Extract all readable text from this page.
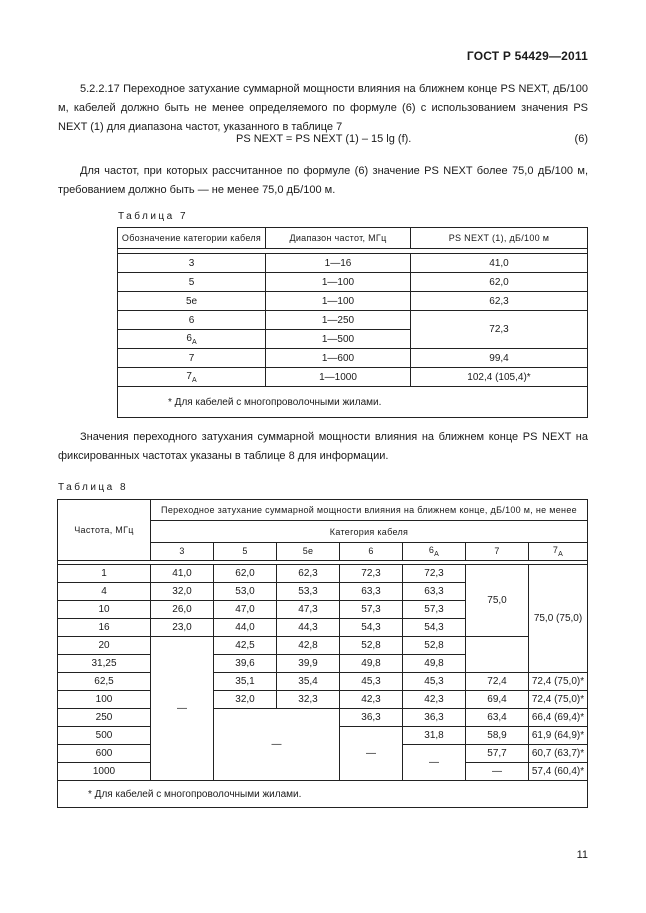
ГОСТ Р 54429—2011
5.2.2.17 Переходное затухание суммарной мощности влияния на ближнем конце PS NEXT, дБ/100 м, кабелей должно быть не менее определяемого по формуле (6) с использованием значения PS NEXT (1) для диапазона частот, указанного в таблице 7
PS NEXT = PS NEXT (1) – 15 lg (f).	(6)
Для частот, при которых рассчитанное по формуле (6) значение PS NEXT более 75,0 дБ/100 м, требованием должно быть — не менее 75,0 дБ/100 м.
Таблица 7
Обозначение категории кабеля	Диапазон частот, МГц	PS NEXT (1), дБ/100 м

3	1—16	41,0
5	1—100	62,0
5e	1—100	62,3
6	1—250	72,3
$6_A$	1—500	
7	1—600	99,4
$7_A$	1—1000	102,4 (105,4)*
* Для кабелей с многопроволочными жилами.		
Значения переходного затухания суммарной мощности влияния на ближнем конце PS NEXT на фиксированных частотах указаны в таблице 8 для информации.
Таблица 8
Частота, МГц	Переходное затухание суммарной мощности влияния на ближнем конце, дБ/100 м, не менее						
	Категория кабеля						
	3	5	5e	6	$6_A$	7	$7_A$

1	41,0	62,0	62,3	72,3	72,3	75,0	75,0 (75,0)
4	32,0	53,0	53,3	63,3	63,3		
10	26,0	47,0	47,3	57,3	57,3		
16	23,0	44,0	44,3	54,3	54,3		
20	—	42,5	42,8	52,8	52,8		
31,25		39,6	39,9	49,8	49,8		
62,5		35,1	35,4	45,3	45,3	72,4	72,4 (75,0)*
100		32,0	32,3	42,3	42,3	69,4	72,4 (75,0)*
250		—		36,3	36,3	63,4	66,4 (69,4)*
500				—	31,8	58,9	61,9 (64,9)*
600					—	57,7	60,7 (63,7)*
1000						—	57,4 (60,4)*
* Для кабелей с многопроволочными жилами.							
11
